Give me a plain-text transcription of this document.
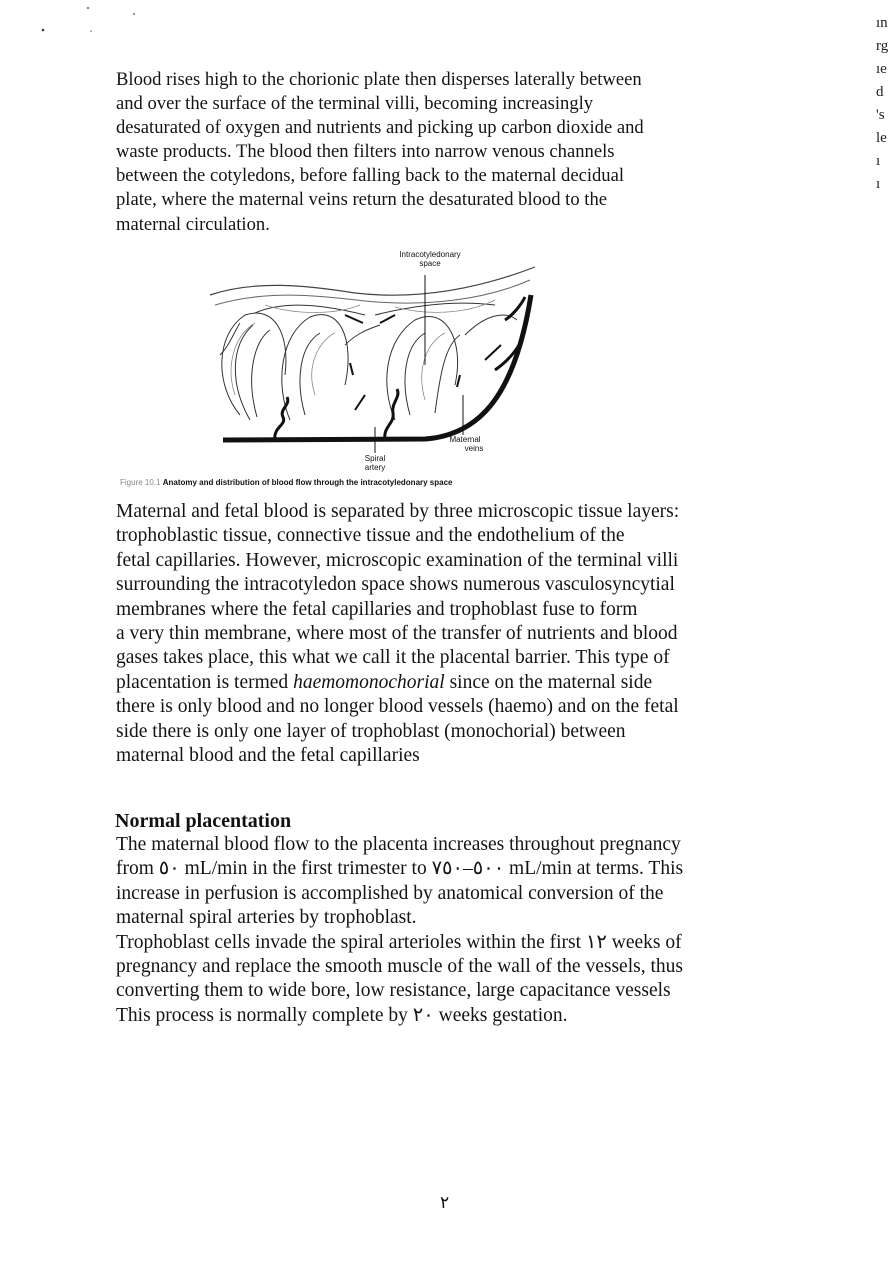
ın
rg
ıe
d
's
le
ı
ı

Blood rises high to the chorionic plate then disperses laterally between
and over the surface of the terminal villi, becoming increasingly
desaturated of oxygen and nutrients and picking up carbon dioxide and
waste products. The blood then filters into narrow venous channels
between the cotyledons, before falling back to the maternal decidual
plate, where the maternal veins return the desaturated blood to the
maternal circulation.

Intracotyledonary
space
Maternal
veins
Spiral
artery
Figure 10.1 Anatomy and distribution of blood flow through the intracotyledonary space

Maternal and fetal blood is separated by three microscopic tissue layers:
trophoblastic tissue, connective tissue and the endothelium of the
fetal capillaries. However, microscopic examination of the terminal villi
surrounding the intracotyledon space shows numerous vasculosyncytial
membranes where the fetal capillaries and trophoblast fuse to form
a very thin membrane, where most of the transfer of nutrients and blood
gases takes place, this what we call it the placental barrier. This type of
placentation is termed haemomonochorial since on the maternal side
there is only blood and no longer blood vessels (haemo) and on the fetal
side there is only one layer of trophoblast (monochorial) between
maternal blood and the fetal capillaries

Normal placentation

The maternal blood flow to the placenta increases throughout pregnancy
from ٥٠ mL/min in the first trimester to ٥٠٠–٧٥٠ mL/min at terms. This
increase in perfusion is accomplished by anatomical conversion of the
maternal spiral arteries by trophoblast.
Trophoblast cells invade the spiral arterioles within the first ١٢ weeks of
pregnancy and replace the smooth muscle of the wall of the vessels, thus
converting them to wide bore, low resistance, large capacitance vessels
This process is normally complete by ٢٠ weeks gestation.

٢
